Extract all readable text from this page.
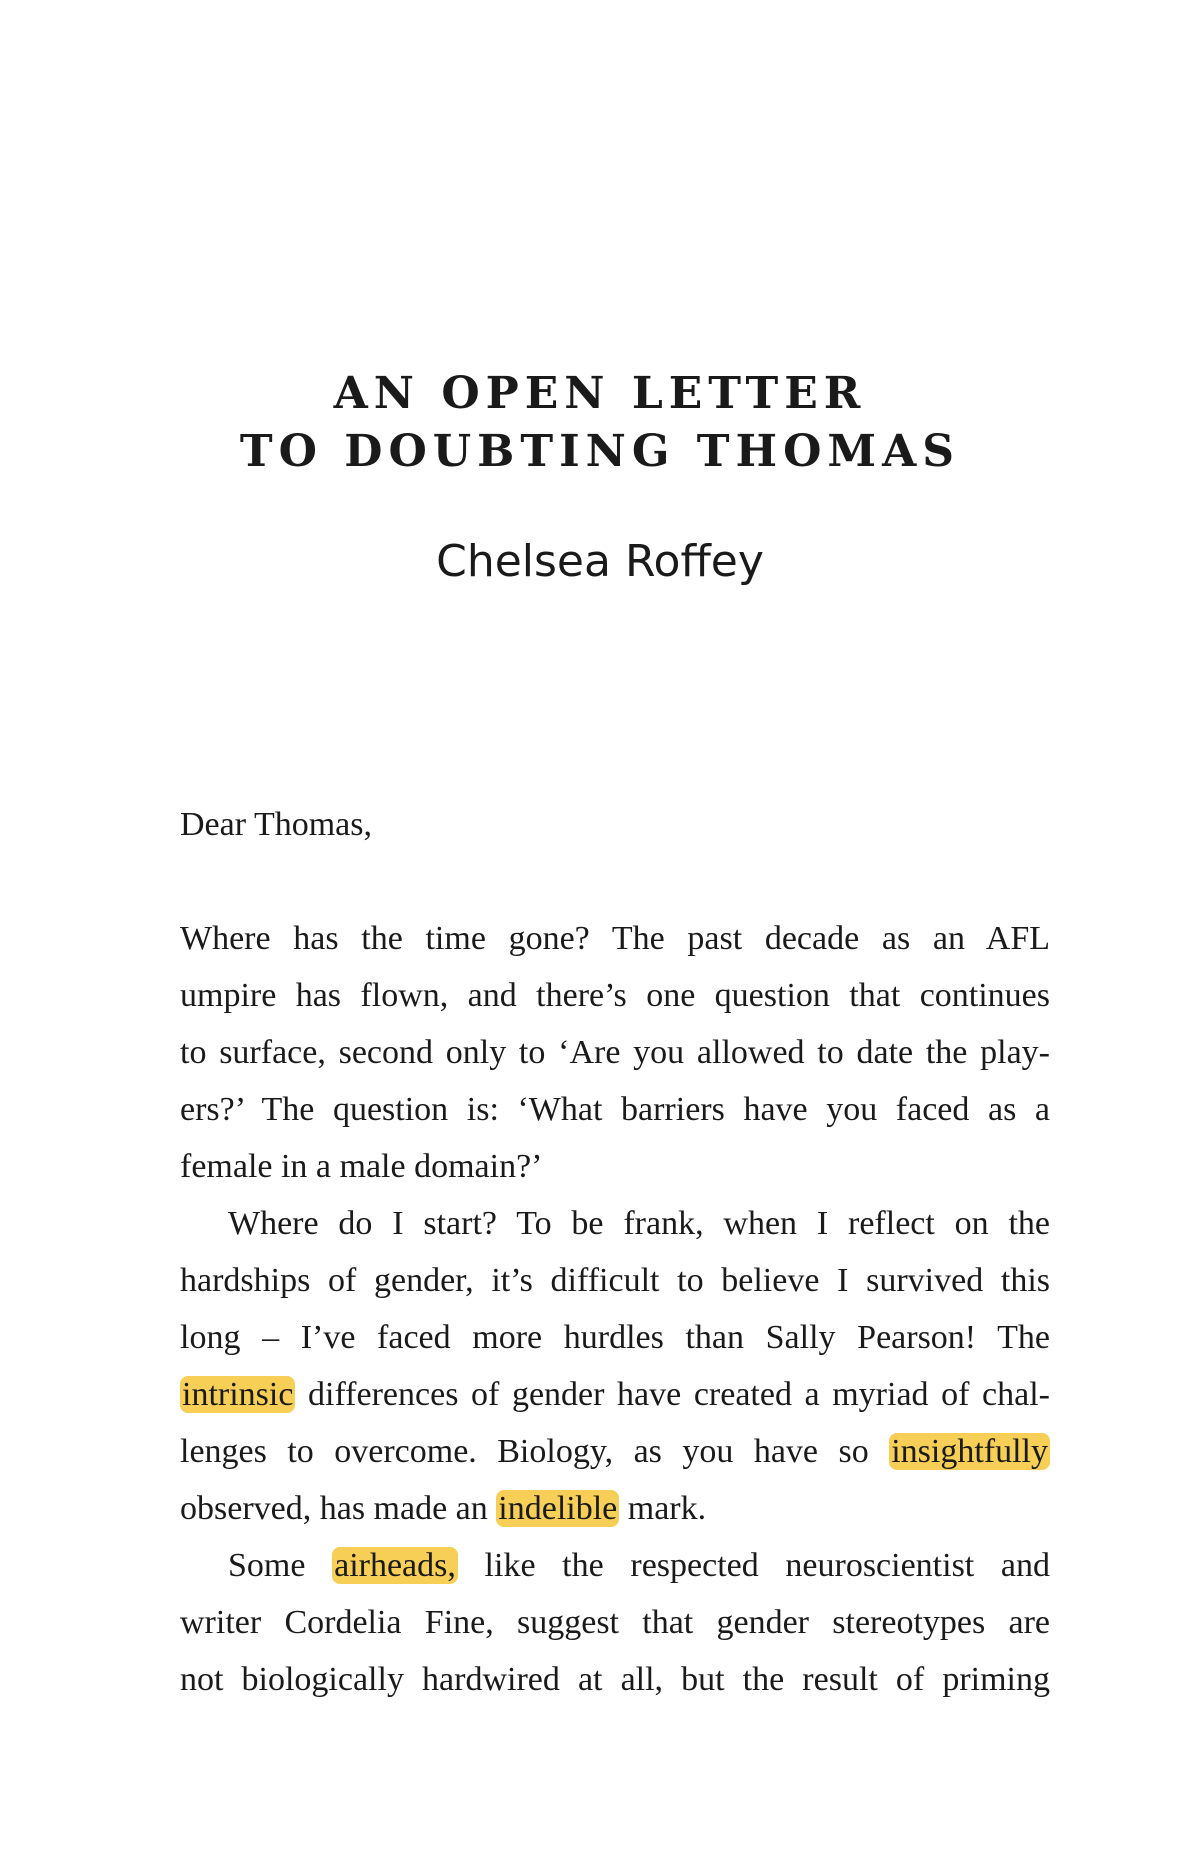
AN OPEN LETTER
TO DOUBTING THOMAS
Chelsea Roffey
Dear Thomas,
Where has the time gone? The past decade as an AFL
umpire has flown, and there’s one question that continues
to surface, second only to ‘Are you allowed to date the play-
ers?’ The question is: ‘What barriers have you faced as a
female in a male domain?’
Where do I start? To be frank, when I reflect on the
hardships of gender, it’s difficult to believe I survived this
long – I’ve faced more hurdles than Sally Pearson! The
intrinsic differences of gender have created a myriad of chal-
lenges to overcome. Biology, as you have so insightfully
observed, has made an indelible mark.
Some airheads, like the respected neuroscientist and
writer Cordelia Fine, suggest that gender stereotypes are
not biologically hardwired at all, but the result of priming
